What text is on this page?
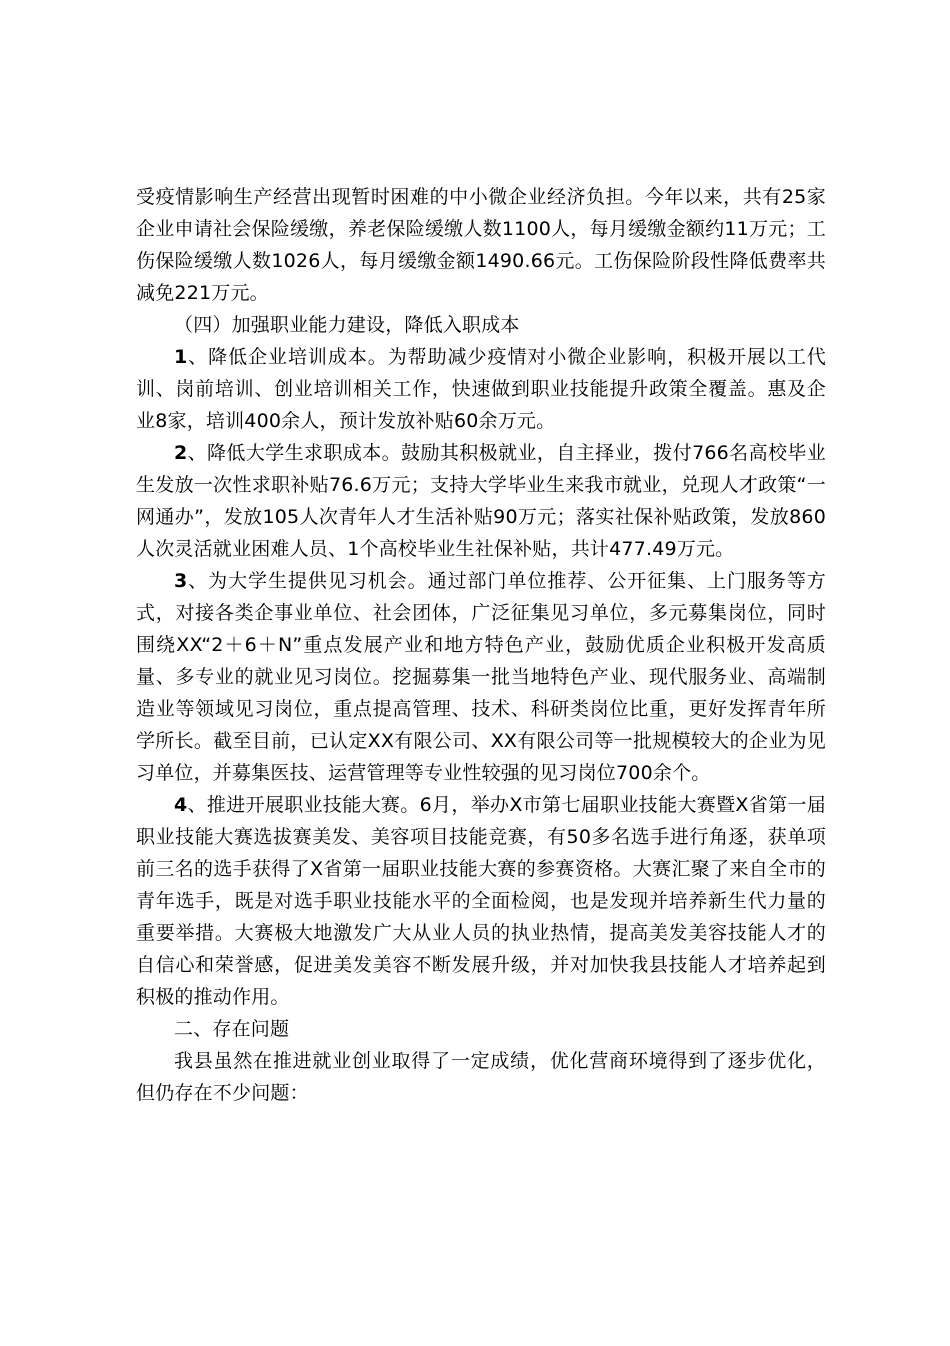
受疫情影响生产经营出现暂时困难的中小微企业经济负担。今年以来，共有25家企业申请社会保险缓缴，养老保险缓缴人数1100人，每月缓缴金额约11万元；工伤保险缓缴人数1026人，每月缓缴金额1490.66元。工伤保险阶段性降低费率共减免221万元。

（四）加强职业能力建设，降低入职成本

1、降低企业培训成本。为帮助减少疫情对小微企业影响，积极开展以工代训、岗前培训、创业培训相关工作，快速做到职业技能提升政策全覆盖。惠及企业8家，培训400余人，预计发放补贴60余万元。

2、降低大学生求职成本。鼓励其积极就业，自主择业，拨付766名高校毕业生发放一次性求职补贴76.6万元；支持大学毕业生来我市就业，兑现人才政策“一网通办”，发放105人次青年人才生活补贴90万元；落实社保补贴政策，发放860人次灵活就业困难人员、1个高校毕业生社保补贴，共计477.49万元。

3、为大学生提供见习机会。通过部门单位推荐、公开征集、上门服务等方式，对接各类企事业单位、社会团体，广泛征集见习单位，多元募集岗位，同时围绕XX“2＋6＋N”重点发展产业和地方特色产业，鼓励优质企业积极开发高质量、多专业的就业见习岗位。挖掘募集一批当地特色产业、现代服务业、高端制造业等领域见习岗位，重点提高管理、技术、科研类岗位比重，更好发挥青年所学所长。截至目前，已认定XX有限公司、XX有限公司等一批规模较大的企业为见习单位，并募集医技、运营管理等专业性较强的见习岗位700余个。

4、推进开展职业技能大赛。6月，举办X市第七届职业技能大赛暨X省第一届职业技能大赛选拔赛美发、美容项目技能竞赛，有50多名选手进行角逐，获单项前三名的选手获得了X省第一届职业技能大赛的参赛资格。大赛汇聚了来自全市的青年选手，既是对选手职业技能水平的全面检阅，也是发现并培养新生代力量的重要举措。大赛极大地激发广大从业人员的执业热情，提高美发美容技能人才的自信心和荣誉感，促进美发美容不断发展升级，并对加快我县技能人才培养起到积极的推动作用。

二、存在问题

我县虽然在推进就业创业取得了一定成绩，优化营商环境得到了逐步优化，但仍存在不少问题：
